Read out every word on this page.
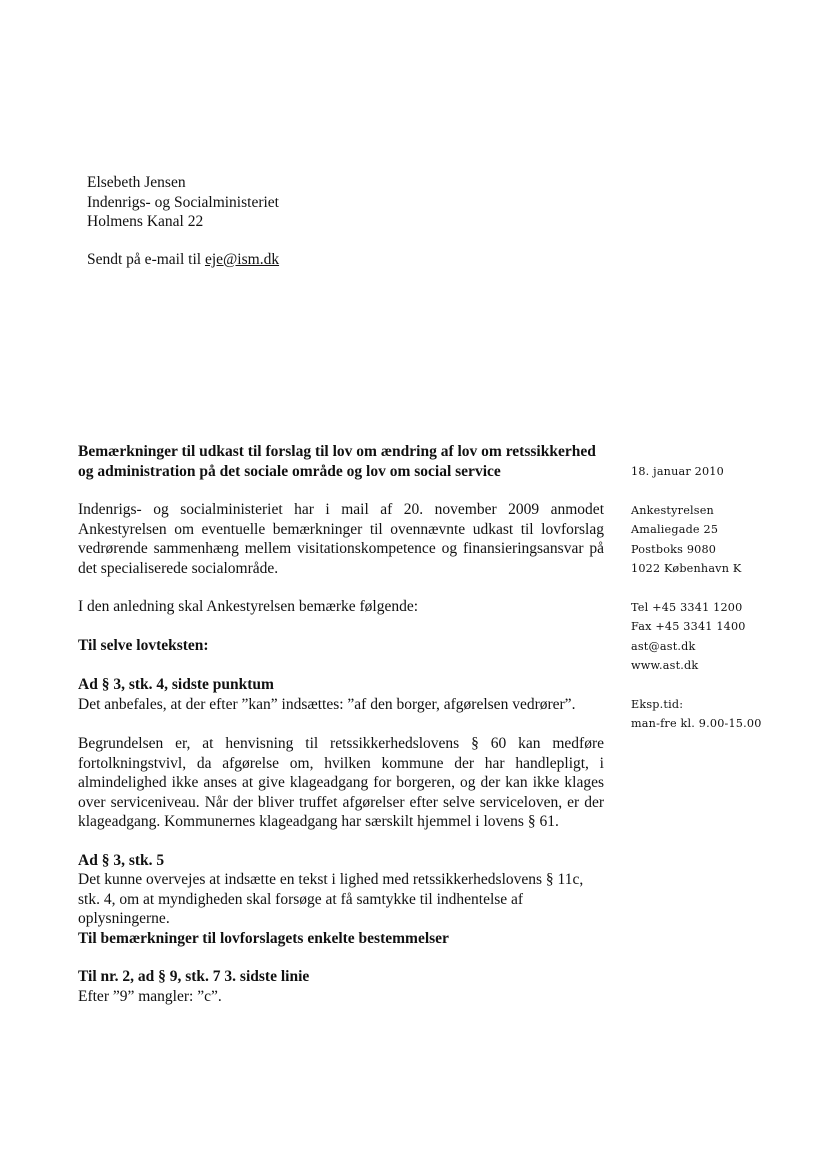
Elsebeth Jensen
Indenrigs- og Socialministeriet
Holmens Kanal 22
Sendt på e-mail til eje@ism.dk
Bemærkninger til udkast til forslag til lov om ændring af lov om retssikkerhed
og administration på det sociale område og lov om social service
Indenrigs- og socialministeriet har i mail af 20. november 2009 anmodet Ankestyrelsen om eventuelle bemærkninger til ovennævnte udkast til lovforslag vedrørende sammenhæng mellem visitationskompetence og finansieringsansvar på det specialiserede socialområde.
I den anledning skal Ankestyrelsen bemærke følgende:
Til selve lovteksten:
Ad § 3, stk. 4, sidste punktum
Det anbefales, at der efter ”kan” indsættes: ”af den borger, afgørelsen vedrører”.
Begrundelsen er, at henvisning til retssikkerhedslovens § 60 kan medføre fortolkningstvivl, da afgørelse om, hvilken kommune der har handlepligt, i almindelighed ikke anses at give klageadgang for borgeren, og der kan ikke klages over serviceniveau. Når der bliver truffet afgørelser efter selve serviceloven, er der klageadgang. Kommunernes klageadgang har særskilt hjemmel i lovens § 61.
Ad § 3, stk. 5
Det kunne overvejes at indsætte en tekst i lighed med retssikkerhedslovens § 11c, stk. 4, om at myndigheden skal forsøge at få samtykke til indhentelse af oplysningerne.
Til bemærkninger til lovforslagets enkelte bestemmelser
Til nr. 2, ad § 9, stk. 7 3. sidste linie
Efter ”9” mangler: ”c”.
18. januar 2010
Ankestyrelsen
Amaliegade 25
Postboks 9080
1022 København K
Tel +45 3341 1200
Fax +45 3341 1400
ast@ast.dk
www.ast.dk
Eksp.tid:
man-fre kl. 9.00-15.00
